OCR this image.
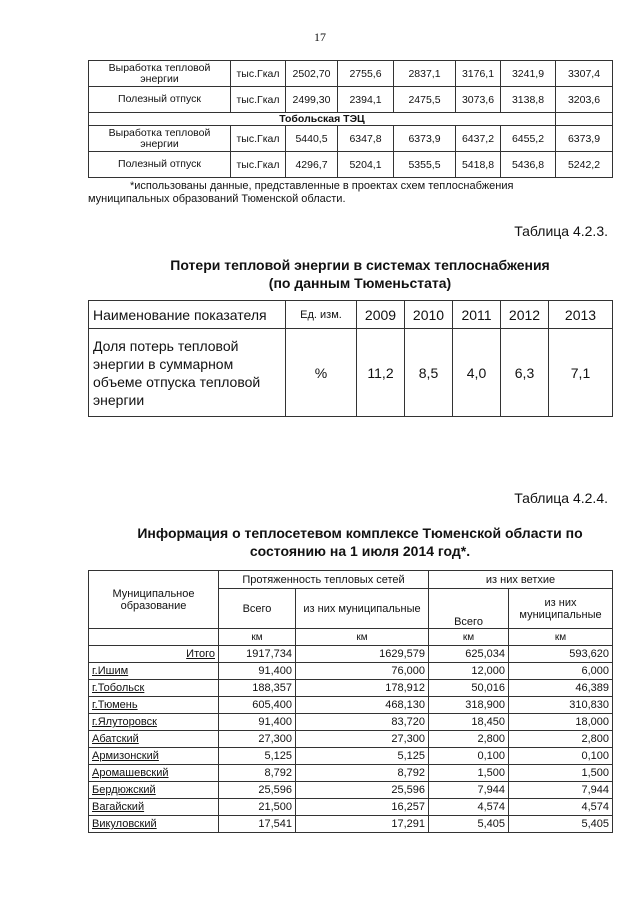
17
Выработка тепловой энергии	тыс.Гкал	2502,70	2755,6	2837,1	3176,1	3241,9	3307,4
Полезный отпуск	тыс.Гкал	2499,30	2394,1	2475,5	3073,6	3138,8	3203,6
Тобольская ТЭЦ							
Выработка тепловой энергии	тыс.Гкал	5440,5	6347,8	6373,9	6437,2	6455,2	6373,9
Полезный отпуск	тыс.Гкал	4296,7	5204,1	5355,5	5418,8	5436,8	5242,2
*использованы данные, представленные в проектах схем теплоснабжения
муниципальных образований Тюменской области.
Таблица 4.2.3.
Потери тепловой энергии в системах теплоснабжения
(по данным Тюменьстата)
Наименование показателя	Ед. изм.	2009	2010	2011	2012	2013
Доля потерь тепловой энергии в суммарном объеме отпуска тепловой энергии	%	11,2	8,5	4,0	6,3	7,1
Таблица 4.2.4.
Информация о теплосетевом комплексе Тюменской области по
состоянию на 1 июля 2014 год*.
Муниципальное образование	Протяженность тепловых сетей		из них ветхие	
	Всего	из них муниципальные	Всего	из них муниципальные
	км	км	км	км
Итого	1917,734	1629,579	625,034	593,620
г.Ишим	91,400	76,000	12,000	6,000
г.Тобольск	188,357	178,912	50,016	46,389
г.Тюмень	605,400	468,130	318,900	310,830
г.Ялуторовск	91,400	83,720	18,450	18,000
Абатский	27,300	27,300	2,800	2,800
Армизонский	5,125	5,125	0,100	0,100
Аромашевский	8,792	8,792	1,500	1,500
Бердюжский	25,596	25,596	7,944	7,944
Вагайский	21,500	16,257	4,574	4,574
Викуловский	17,541	17,291	5,405	5,405
